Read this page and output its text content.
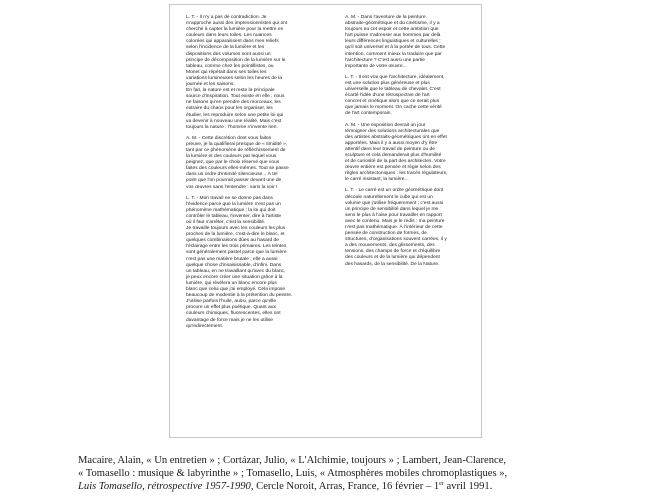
L. T. - Il n'y a pas de contradiction. Je
m'approche aussi des impressionnistes qui ont
cherché à capter la lumière pour la mettre en
couleurs dans leurs toiles. Les nuances
colorées qui apparaissent dans mes reliefs
selon l'incidence de la lumière et les
dispositions des volumes sont aussi un
principe de décomposition de la lumière sur le
tableau, comme chez les pointillistes, ou
Monet qui répétait dans ses toiles les
variations lumineuses selon les heures de la
journée et les saisons.
En fait, la nature est et reste la principale
source d'inspiration. Tout existe en elle ; nous
ne faisons qu'en prendre des morceaux, les
extraire du chaos pour les organiser, les
étudier, les reproduire selon une petite loi qui
va devenir à nouveau une réalité. Mais c'est
toujours la nature : l'homme n'invente rien.

A. M. - Cette discrétion dont vous faites
preuve, je la qualifierai presque de « timidité »,
tant par ce phénomène de réfléchissement de
la lumière et des couleurs par lequel vous
peignez, que par le choix réservé que vous
faites des couleurs elles-mêmes. Tout se passe
dans un ordre d'intimité silencieuse... À tel
point que l'on pourrait passer devant une de
vos œuvres sans l'entendre : sans la voir !

L. T. - Mon travail ne se donne pas dans
l'évidence parce que la lumière n'est pas un
phénomène mathématique ; la loi qui doit
contrôler le tableau, l'inventer, dire à l'artiste
où il faut s'arrêter, c'est la sensibilité.
Je travaille toujours avec les couleurs les plus
proches de la lumière, c'est-à-dire le blanc, et
quelques combinaisons dûes au hasard de
l'éclairage entre les trois primaires. Les teintes
sont généralement pastel parce que la lumière
n'est pas une matière brutale ; elle a aussi
quelque chose d'insaisissable, d'infini. Dans
un tableau, en ne travaillant qu'avec du blanc,
je peux encore créer une situation grâce à la
lumière, qui révélera un blanc encore plus
blanc que celui que j'ai employé. Cela impose
beaucoup de modestie à la prétention du peintre.
J'utilise parfois l'huile, aussi, parce qu'elle
procure un effet plus poétique. Quant aux
couleurs chimiques, fluorescentes, elles ont
davantage de force mais je ne les utilise
qu'indirectement.

A. M. - Dans l'aventure de la peinture
abstraite-géométrique et du cinétisme, il y a
toujours eu cet espoir et cette ambition que
l'art puisse s'adresser aux hommes par delà
leurs différences linguistiques et culturelles ;
qu'il soit universel et à la portée de tous. Cette
intention, comment mieux la traduire que par
l'architecture ? C'est aussi une partie
importante de votre œuvre...

L. T. - Il est vrai que l'architecture, idéalement,
est une solution plus généreuse et plus
universelle que le tableau de chevalet. C'est
écarté l'idée d'une rétrospective de l'art
concret et cinétique alors que ce serait plus
que jamais le moment. On cache cette vérité
de l'art contemporain.

A. M. - Une exposition devrait un jour
témoigner des solutions architecturales que
des artistes abstraits-géométriques ont en effet
apportées. Mais il y a aussi moyen d'y être
attentif dans leur travail de peinture ou de
sculpture et cela demanderait plus d'humilité
et de curiosité de la part des architectes. Votre
œuvre entière est pensée et régie selon des
règles architectoniques : les tracés régulateurs,
le carré insistant, la lumière...

L. T. - Le carré est un ordre géométrique dont
découle naturellement le cube qui est un
volume que j'utilise fréquemment ; c'est aussi
un principe de sensibilité dans lequel je me
sens le plus à l'aise pour travailler en rapport
avec le contenu. Mais je le redis : ma peinture
n'est pas mathématique. À l'intérieur de cette
pensée de construction de formes, de
structures, d'organisations souvent carrées, il y
a des mouvements, des glissements, des
tensions, des champs de force et d'équilibre
des couleurs et de la lumière qui dépendent
des hasards, de la sensibilité. De la Nature.

Macaire, Alain, « Un entretien » ; Cortázar, Julio, « L'Alchimie, toujours » ; Lambert, Jean-Clarence,
« Tomasello : musique & labyrinthe » ; Tomasello, Luis, « Atmosphères mobiles chromoplastiques »,
Luis Tomasello, rétrospective 1957-1990, Cercle Noroit, Arras, France, 16 février – 1er avril 1991.
